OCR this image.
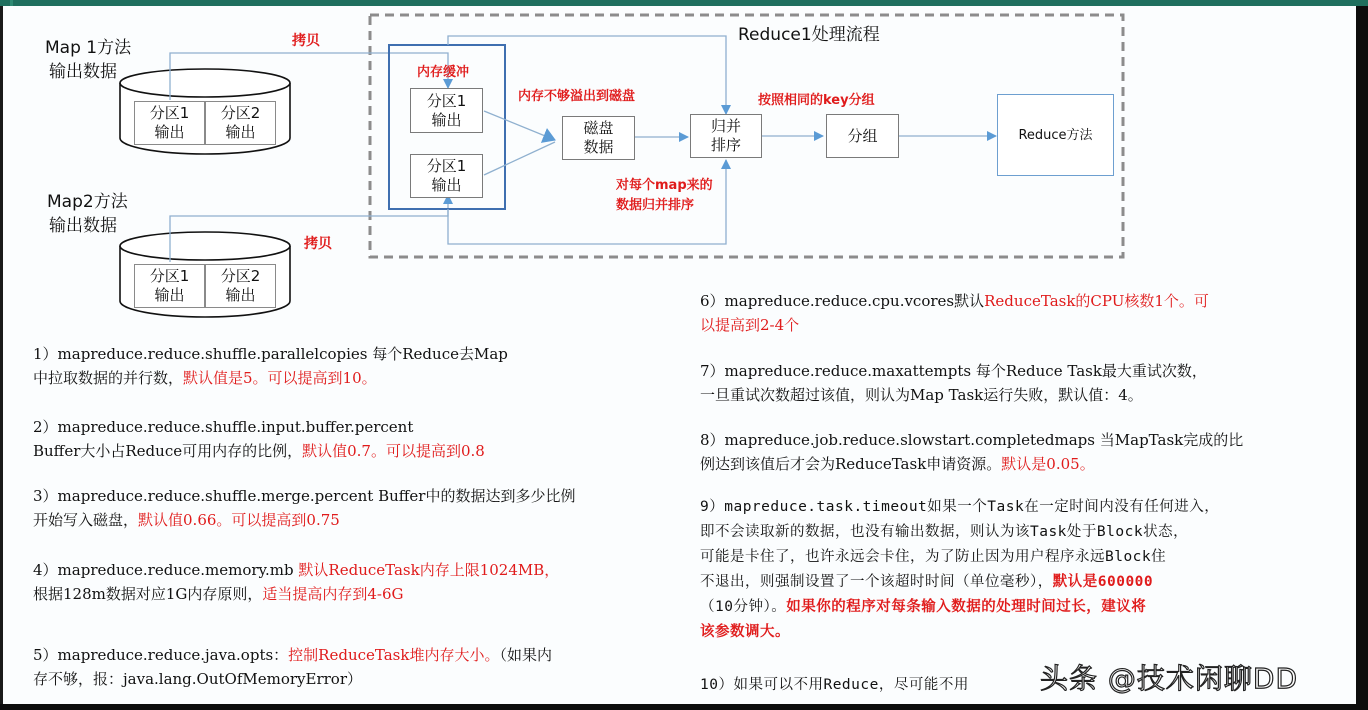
Map 1方法
输出数据
Map2方法
输出数据
分区1
输出
分区2
输出
分区1
输出
分区2
输出
拷贝
拷贝
Reduce1处理流程
内存缓冲
分区1
输出
分区1
输出
内存不够溢出到磁盘
磁盘
数据
归并
排序
对每个map来的
数据归并排序
按照相同的key分组
分组	Reduce方法
1）mapreduce.reduce.shuffle.parallelcopies 每个Reduce去Map
中拉取数据的并行数，默认值是5。可以提高到10。
2）mapreduce.reduce.shuffle.input.buffer.percent
Buffer大小占Reduce可用内存的比例，默认值0.7。可以提高到0.8
3）mapreduce.reduce.shuffle.merge.percent Buffer中的数据达到多少比例
开始写入磁盘，默认值0.66。可以提高到0.75
4）mapreduce.reduce.memory.mb 默认ReduceTask内存上限1024MB，
根据128m数据对应1G内存原则，适当提高内存到4-6G
5）mapreduce.reduce.java.opts：控制ReduceTask堆内存大小。（如果内
存不够，报：java.lang.OutOfMemoryError）
6）mapreduce.reduce.cpu.vcores默认ReduceTask的CPU核数1个。可
以提高到2-4个
7）mapreduce.reduce.maxattempts 每个Reduce Task最大重试次数，
一旦重试次数超过该值，则认为Map Task运行失败，默认值：4。
8）mapreduce.job.reduce.slowstart.completedmaps 当MapTask完成的比
例达到该值后才会为ReduceTask申请资源。默认是0.05。
9）mapreduce.task.timeout如果一个Task在一定时间内没有任何进入，
即不会读取新的数据，也没有输出数据，则认为该Task处于Block状态，
可能是卡住了，也许永远会卡住，为了防止因为用户程序永远Block住
不退出，则强制设置了一个该超时时间（单位毫秒），默认是600000
（10分钟）。如果你的程序对每条输入数据的处理时间过长，建议将
该参数调大。
10）如果可以不用Reduce，尽可能不用	头条 @技术闲聊DD
